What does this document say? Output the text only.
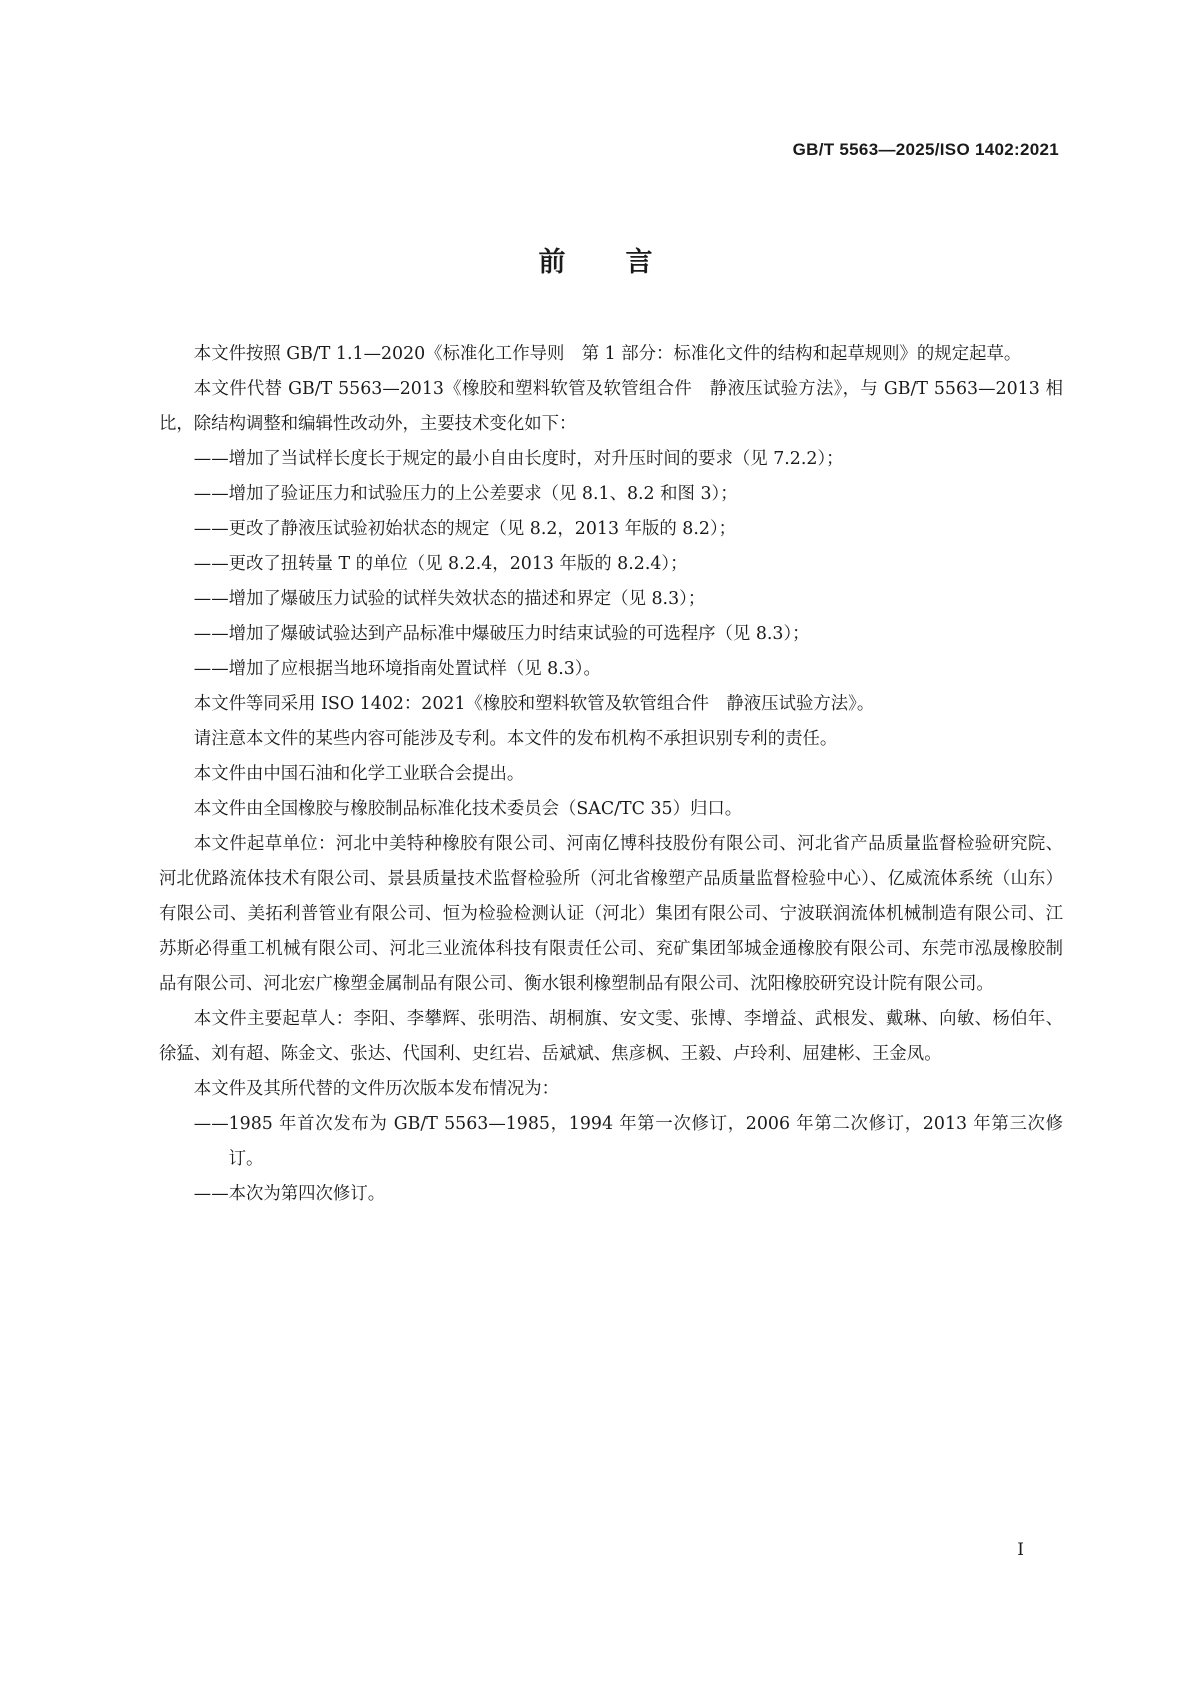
GB/T 5563—2025/ISO 1402:2021
前言

本文件按照 GB/T 1.1—2020《标准化工作导则　第 1 部分：标准化文件的结构和起草规则》的规定起草。

本文件代替 GB/T 5563—2013《橡胶和塑料软管及软管组合件　静液压试验方法》，与 GB/T 5563—2013 相比，除结构调整和编辑性改动外，主要技术变化如下：

——增加了当试样长度长于规定的最小自由长度时，对升压时间的要求（见 7.2.2）；

——增加了验证压力和试验压力的上公差要求（见 8.1、8.2 和图 3）；

——更改了静液压试验初始状态的规定（见 8.2，2013 年版的 8.2）；

——更改了扭转量 T 的单位（见 8.2.4，2013 年版的 8.2.4）；

——增加了爆破压力试验的试样失效状态的描述和界定（见 8.3）；

——增加了爆破试验达到产品标准中爆破压力时结束试验的可选程序（见 8.3）；

——增加了应根据当地环境指南处置试样（见 8.3）。

本文件等同采用 ISO 1402：2021《橡胶和塑料软管及软管组合件　静液压试验方法》。

请注意本文件的某些内容可能涉及专利。本文件的发布机构不承担识别专利的责任。

本文件由中国石油和化学工业联合会提出。

本文件由全国橡胶与橡胶制品标准化技术委员会（SAC/TC 35）归口。

本文件起草单位：河北中美特种橡胶有限公司、河南亿博科技股份有限公司、河北省产品质量监督检验研究院、河北优路流体技术有限公司、景县质量技术监督检验所（河北省橡塑产品质量监督检验中心）、亿威流体系统（山东）有限公司、美拓利普管业有限公司、恒为检验检测认证（河北）集团有限公司、宁波联润流体机械制造有限公司、江苏斯必得重工机械有限公司、河北三业流体科技有限责任公司、兖矿集团邹城金通橡胶有限公司、东莞市泓晟橡胶制品有限公司、河北宏广橡塑金属制品有限公司、衡水银利橡塑制品有限公司、沈阳橡胶研究设计院有限公司。

本文件主要起草人：李阳、李攀辉、张明浩、胡桐旗、安文雯、张博、李增益、武根发、戴琳、向敏、杨伯年、徐猛、刘有超、陈金文、张达、代国利、史红岩、岳斌斌、焦彦枫、王毅、卢玲利、屈建彬、王金凤。

本文件及其所代替的文件历次版本发布情况为：

——1985 年首次发布为 GB/T 5563—1985，1994 年第一次修订，2006 年第二次修订，2013 年第三次修订。

——本次为第四次修订。

Ⅰ
